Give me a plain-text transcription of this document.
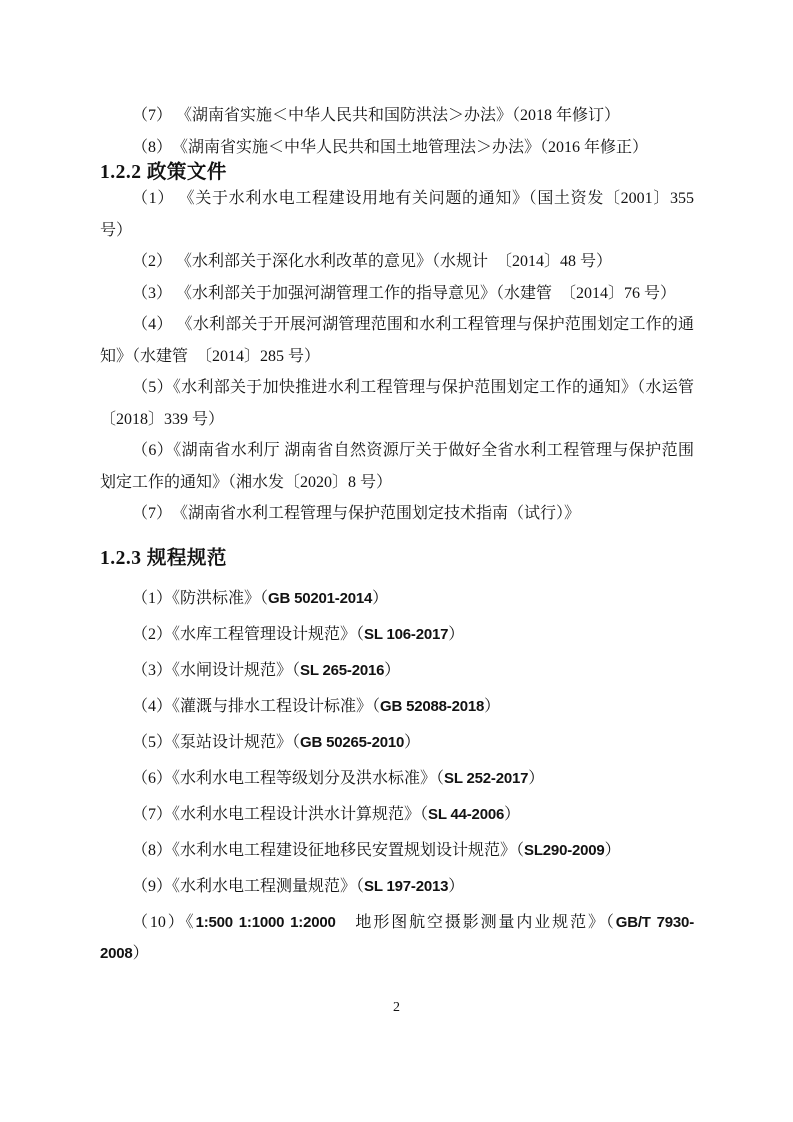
（7） 《湖南省实施＜中华人民共和国防洪法＞办法》（2018 年修订）

（8）　《湖南省实施＜中华人民共和国土地管理法＞办法》（2016 年修正）

1.2.2 政策文件

（1） 《关于水利水电工程建设用地有关问题的通知》（国土资发〔2001〕355 号）

（2） 《水利部关于深化水利改革的意见》（水规计　〔2014〕48 号）

（3） 《水利部关于加强河湖管理工作的指导意见》（水建管　〔2014〕76 号）

（4） 《水利部关于开展河湖管理范围和水利工程管理与保护范围划定工作的通知》（水建管　〔2014〕285 号）

（5）《水利部关于加快推进水利工程管理与保护范围划定工作的通知》（水运管　〔2018〕339 号）

（6）《湖南省水利厅 湖南省自然资源厅关于做好全省水利工程管理与保护范围划定工作的通知》（湘水发〔2020〕8 号）

（7）　《湖南省水利工程管理与保护范围划定技术指南（试行）》

1.2.3 规程规范

（1）《防洪标准》（GB 50201-2014）

（2）《水库工程管理设计规范》（SL 106-2017）

（3）《水闸设计规范》（SL 265-2016）

（4）《灌溉与排水工程设计标准》（GB 52088-2018）

（5）《泵站设计规范》（GB 50265-2010）

（6）《水利水电工程等级划分及洪水标准》（SL 252-2017）

（7）《水利水电工程设计洪水计算规范》（SL 44-2006）

（8）《水利水电工程建设征地移民安置规划设计规范》（SL290-2009）

（9）《水利水电工程测量规范》（SL 197-2013）

（10）《1:500 1:1000 1:2000　地形图航空摄影测量内业规范》（GB/T 7930-2008）

2
